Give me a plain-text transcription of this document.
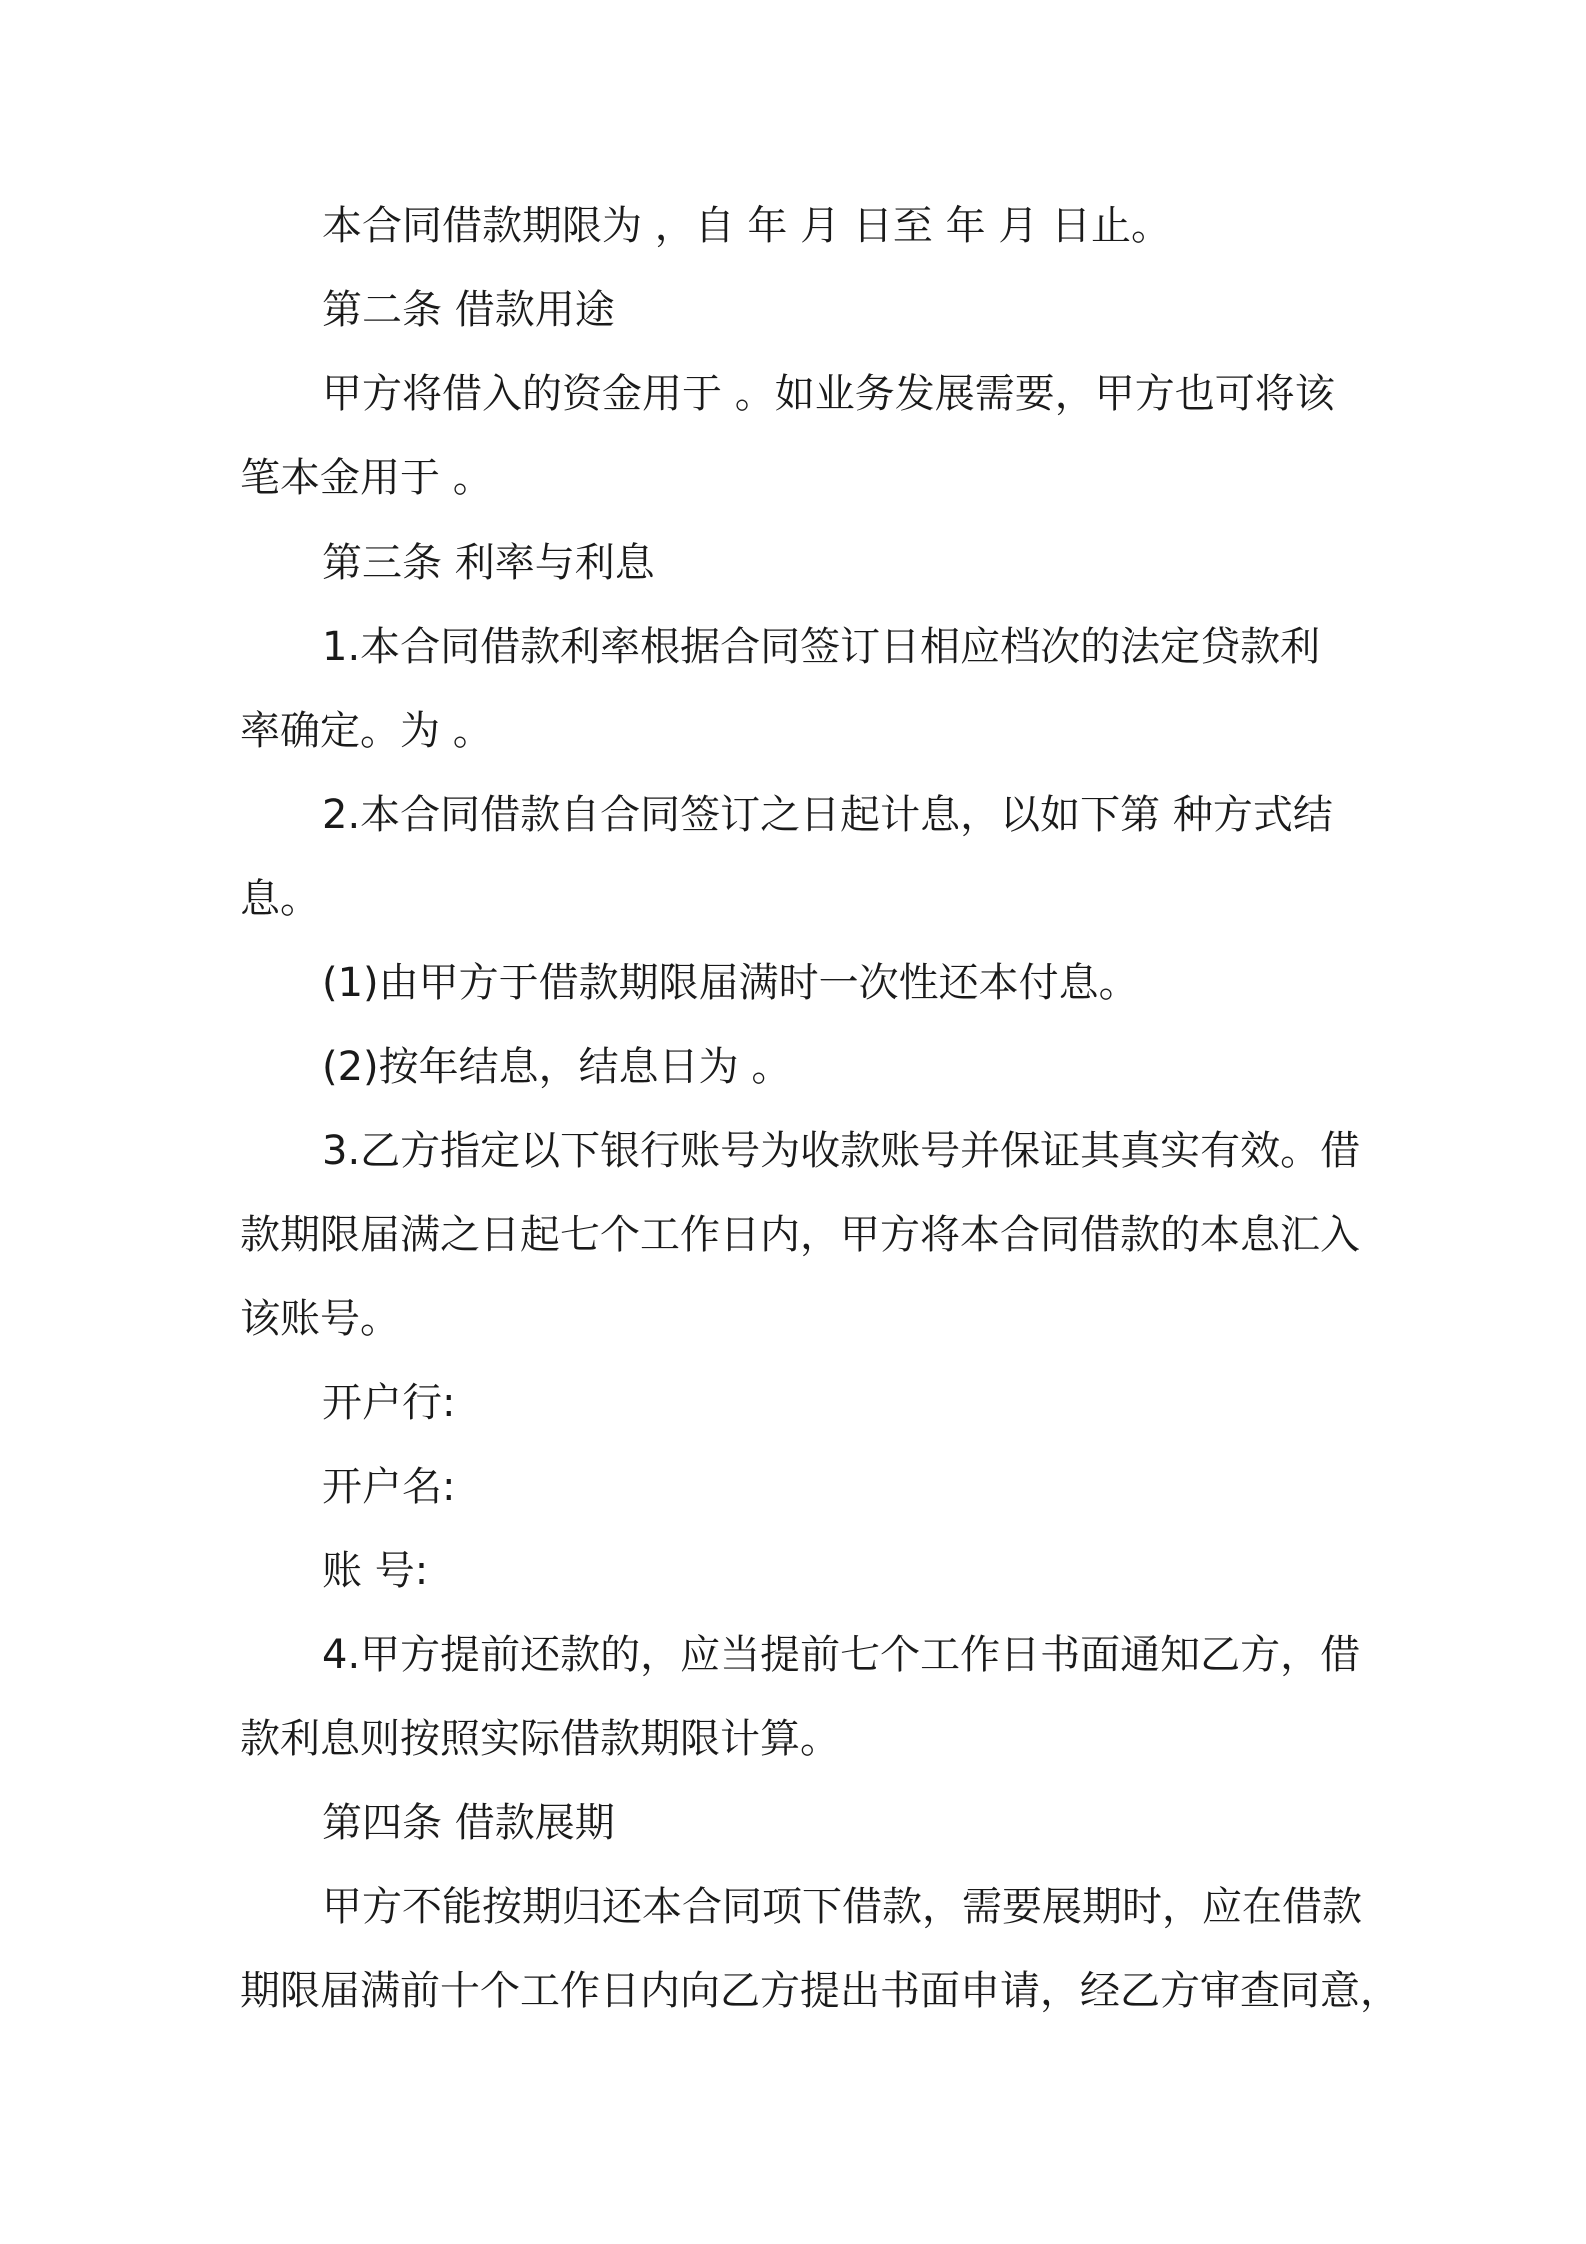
本合同借款期限为 ，自 年 月 日至 年 月 日止。
第二条 借款用途
甲方将借入的资金用于 。如业务发展需要，甲方也可将该
笔本金用于 。
第三条 利率与利息
1.本合同借款利率根据合同签订日相应档次的法定贷款利
率确定。为 。
2.本合同借款自合同签订之日起计息，以如下第 种方式结
息。
(1)由甲方于借款期限届满时一次性还本付息。
(2)按年结息，结息日为 。
3.乙方指定以下银行账号为收款账号并保证其真实有效。借
款期限届满之日起七个工作日内，甲方将本合同借款的本息汇入
该账号。
开户行:
开户名:
账 号:
4.甲方提前还款的，应当提前七个工作日书面通知乙方，借
款利息则按照实际借款期限计算。
第四条 借款展期
甲方不能按期归还本合同项下借款，需要展期时，应在借款
期限届满前十个工作日内向乙方提出书面申请，经乙方审查同意，
